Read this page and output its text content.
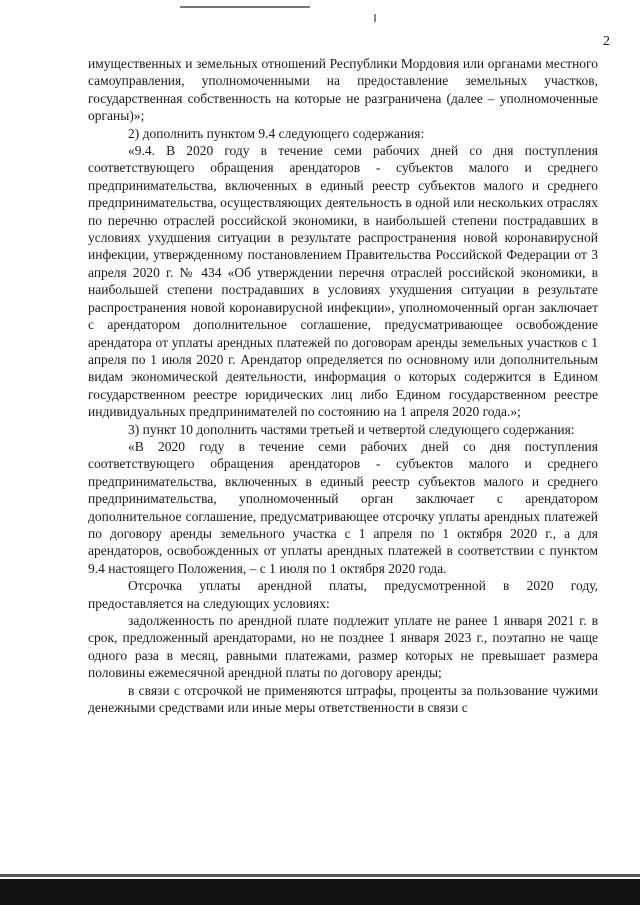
2

имущественных и земельных отношений Республики Мордовия или органами местного самоуправления, уполномоченными на предоставление земельных участков, государственная собственность на которые не разграничена (далее – уполномоченные органы)»;

2) дополнить пунктом 9.4 следующего содержания:

«9.4. В 2020 году в течение семи рабочих дней со дня поступления соответствующего обращения арендаторов - субъектов малого и среднего предпринимательства, включенных в единый реестр субъектов малого и среднего предпринимательства, осуществляющих деятельность в одной или нескольких отраслях по перечню отраслей российской экономики, в наибольшей степени пострадавших в условиях ухудшения ситуации в результате распространения новой коронавирусной инфекции, утвержденному постановлением Правительства Российской Федерации от 3 апреля 2020 г. № 434 «Об утверждении перечня отраслей российской экономики, в наибольшей степени пострадавших в условиях ухудшения ситуации в результате распространения новой коронавирусной инфекции», уполномоченный орган заключает с арендатором дополнительное соглашение, предусматривающее освобождение арендатора от уплаты арендных платежей по договорам аренды земельных участков с 1 апреля по 1 июля 2020 г. Арендатор определяется по основному или дополнительным видам экономической деятельности, информация о которых содержится в Едином государственном реестре юридических лиц либо Едином государственном реестре индивидуальных предпринимателей по состоянию на 1 апреля 2020 года.»;

3) пункт 10 дополнить частями третьей и четвертой следующего содержания:

«В 2020 году в течение семи рабочих дней со дня поступления соответствующего обращения арендаторов - субъектов малого и среднего предпринимательства, включенных в единый реестр субъектов малого и среднего предпринимательства, уполномоченный орган заключает с арендатором дополнительное соглашение, предусматривающее отсрочку уплаты арендных платежей по договору аренды земельного участка с 1 апреля по 1 октября 2020 г., а для арендаторов, освобожденных от уплаты арендных платежей в соответствии с пунктом 9.4 настоящего Положения, – с 1 июля по 1 октября 2020 года.

Отсрочка уплаты арендной платы, предусмотренной в 2020 году, предоставляется на следующих условиях:

задолженность по арендной плате подлежит уплате не ранее 1 января 2021 г. в срок, предложенный арендаторами, но не позднее 1 января 2023 г., поэтапно не чаще одного раза в месяц, равными платежами, размер которых не превышает размера половины ежемесячной арендной платы по договору аренды;

в связи с отсрочкой не применяются штрафы, проценты за пользование чужими денежными средствами или иные меры ответственности в связи с
